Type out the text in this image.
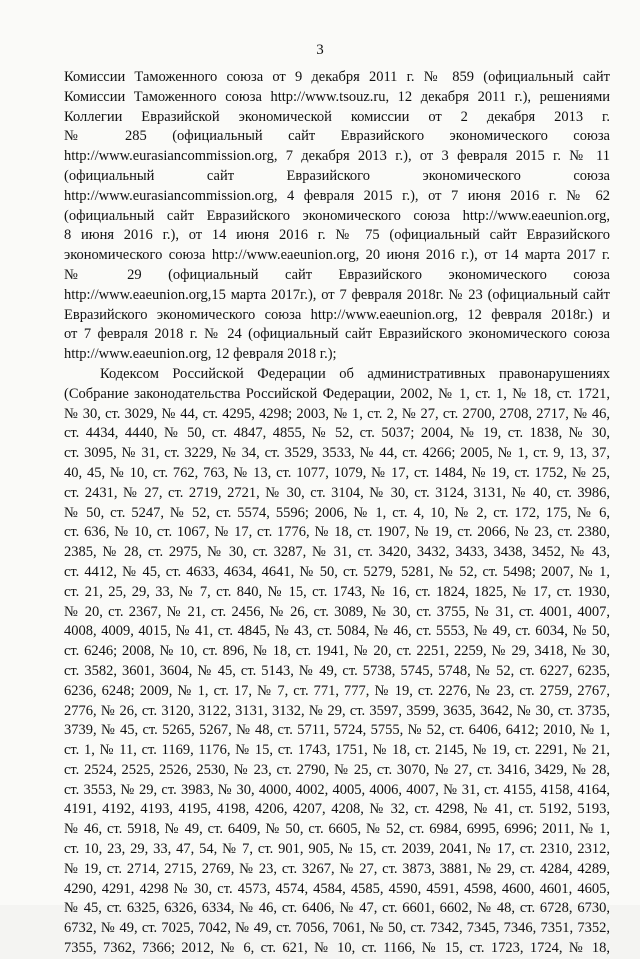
3
Комиссии Таможенного союза от 9 декабря 2011 г. № 859 (официальный сайт
Комиссии Таможенного союза http://www.tsouz.ru, 12 декабря 2011 г.), решениями
Коллегии Евразийской экономической комиссии от 2 декабря 2013 г.
№ 285 (официальный сайт Евразийского экономического союза
http://www.eurasiancommission.org, 7 декабря 2013 г.), от 3 февраля 2015 г. № 11
(официальный сайт Евразийского экономического союза
http://www.eurasiancommission.org, 4 февраля 2015 г.), от 7 июня 2016 г. № 62
(официальный сайт Евразийского экономического союза http://www.eaeunion.org,
8 июня 2016 г.), от 14 июня 2016 г. № 75 (официальный сайт Евразийского
экономического союза http://www.eaeunion.org, 20 июня 2016 г.), от 14 марта 2017 г.
№ 29 (официальный сайт Евразийского экономического союза
http://www.eaeunion.org,15 марта 2017г.), от 7 февраля 2018г. № 23 (официальный сайт
Евразийского экономического союза http://www.eaeunion.org, 12 февраля 2018г.) и
от 7 февраля 2018 г. № 24 (официальный сайт Евразийского экономического союза
http://www.eaeunion.org, 12 февраля 2018 г.);
Кодексом Российской Федерации об административных правонарушениях
(Собрание законодательства Российской Федерации, 2002, № 1, ст. 1, № 18, ст. 1721,
№ 30, ст. 3029, № 44, ст. 4295, 4298; 2003, № 1, ст. 2, № 27, ст. 2700, 2708, 2717, № 46,
ст. 4434, 4440, № 50, ст. 4847, 4855, № 52, ст. 5037; 2004, № 19, ст. 1838, № 30,
ст. 3095, № 31, ст. 3229, № 34, ст. 3529, 3533, № 44, ст. 4266; 2005, № 1, ст. 9, 13, 37,
40, 45, № 10, ст. 762, 763, № 13, ст. 1077, 1079, № 17, ст. 1484, № 19, ст. 1752, № 25,
ст. 2431, № 27, ст. 2719, 2721, № 30, ст. 3104, № 30, ст. 3124, 3131, № 40, ст. 3986,
№ 50, ст. 5247, № 52, ст. 5574, 5596; 2006, № 1, ст. 4, 10, № 2, ст. 172, 175, № 6,
ст. 636, № 10, ст. 1067, № 17, ст. 1776, № 18, ст. 1907, № 19, ст. 2066, № 23, ст. 2380,
2385, № 28, ст. 2975, № 30, ст. 3287, № 31, ст. 3420, 3432, 3433, 3438, 3452, № 43,
ст. 4412, № 45, ст. 4633, 4634, 4641, № 50, ст. 5279, 5281, № 52, ст. 5498; 2007, № 1,
ст. 21, 25, 29, 33, № 7, ст. 840, № 15, ст. 1743, № 16, ст. 1824, 1825, № 17, ст. 1930,
№ 20, ст. 2367, № 21, ст. 2456, № 26, ст. 3089, № 30, ст. 3755, № 31, ст. 4001, 4007,
4008, 4009, 4015, № 41, ст. 4845, № 43, ст. 5084, № 46, ст. 5553, № 49, ст. 6034, № 50,
ст. 6246; 2008, № 10, ст. 896, № 18, ст. 1941, № 20, ст. 2251, 2259, № 29, 3418, № 30,
ст. 3582, 3601, 3604, № 45, ст. 5143, № 49, ст. 5738, 5745, 5748, № 52, ст. 6227, 6235,
6236, 6248; 2009, № 1, ст. 17, № 7, ст. 771, 777, № 19, ст. 2276, № 23, ст. 2759, 2767,
2776, № 26, ст. 3120, 3122, 3131, 3132, № 29, ст. 3597, 3599, 3635, 3642, № 30, ст. 3735,
3739, № 45, ст. 5265, 5267, № 48, ст. 5711, 5724, 5755, № 52, ст. 6406, 6412; 2010, № 1,
ст. 1, № 11, ст. 1169, 1176, № 15, ст. 1743, 1751, № 18, ст. 2145, № 19, ст. 2291, № 21,
ст. 2524, 2525, 2526, 2530, № 23, ст. 2790, № 25, ст. 3070, № 27, ст. 3416, 3429, № 28,
ст. 3553, № 29, ст. 3983, № 30, 4000, 4002, 4005, 4006, 4007, № 31, ст. 4155, 4158, 4164,
4191, 4192, 4193, 4195, 4198, 4206, 4207, 4208, № 32, ст. 4298, № 41, ст. 5192, 5193,
№ 46, ст. 5918, № 49, ст. 6409, № 50, ст. 6605, № 52, ст. 6984, 6995, 6996; 2011, № 1,
ст. 10, 23, 29, 33, 47, 54, № 7, ст. 901, 905, № 15, ст. 2039, 2041, № 17, ст. 2310, 2312,
№ 19, ст. 2714, 2715, 2769, № 23, ст. 3267, № 27, ст. 3873, 3881, № 29, ст. 4284, 4289,
4290, 4291, 4298 № 30, ст. 4573, 4574, 4584, 4585, 4590, 4591, 4598, 4600, 4601, 4605,
№ 45, ст. 6325, 6326, 6334, № 46, ст. 6406, № 47, ст. 6601, 6602, № 48, ст. 6728, 6730,
6732, № 49, ст. 7025, 7042, № 49, ст. 7056, 7061, № 50, ст. 7342, 7345, 7346, 7351, 7352,
7355, 7362, 7366; 2012, № 6, ст. 621, № 10, ст. 1166, № 15, ст. 1723, 1724, № 18,
